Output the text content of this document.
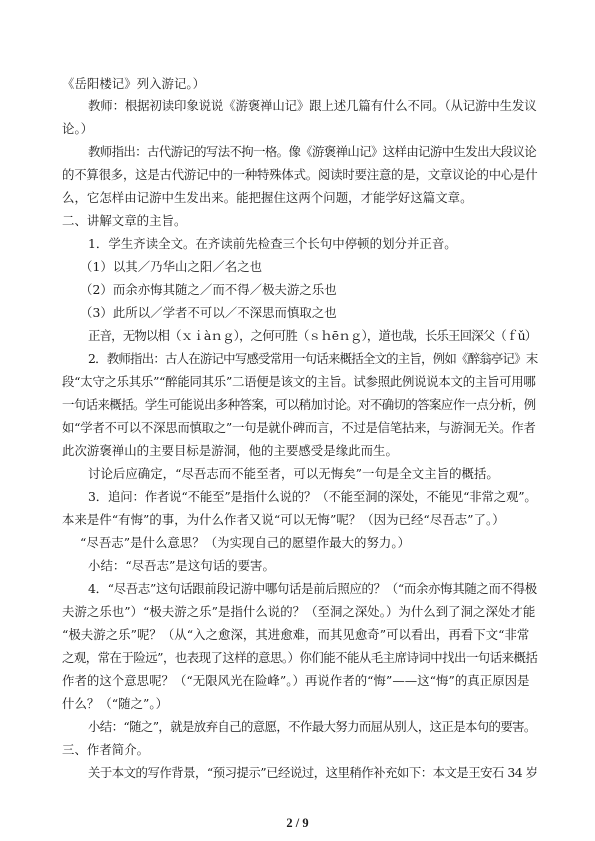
《岳阳楼记》列入游记。）
教师：根据初读印象说说《游褒禅山记》跟上述几篇有什么不同。（从记游中生发议
论。）
教师指出：古代游记的写法不拘一格。像《游褒禅山记》这样由记游中生发出大段议论
的不算很多，这是古代游记中的一种特殊体式。阅读时要注意的是，文章议论的中心是什
么，它怎样由记游中生发出来。能把握住这两个问题，才能学好这篇文章。
二、讲解文章的主旨。
1．学生齐读全文。在齐读前先检查三个长句中停顿的划分并正音。
（1）以其／乃华山之阳／名之也
（2）而余亦悔其随之／而不得／极夫游之乐也
（3）此所以／学者不可以／不深思而慎取之也
正音，无物以相（ｘｉàｎｇ），之何可胜（ｓｈēｎｇ），道也哉，长乐王回深父（ｆǔ）
2．教师指出：古人在游记中写感受常用一句话来概括全文的主旨，例如《醉翁亭记》末
段“太守之乐其乐”“醉能同其乐”二语便是该文的主旨。试参照此例说说本文的主旨可用哪
一句话来概括。学生可能说出多种答案，可以稍加讨论。对不确切的答案应作一点分析，例
如“学者不可以不深思而慎取之”一句是就仆碑而言，不过是信笔拈来，与游洞无关。作者
此次游褒禅山的主要目标是游洞，他的主要感受是缘此而生。
讨论后应确定，“尽吾志而不能至者，可以无悔矣”一句是全文主旨的概括。
3．追问：作者说“不能至”是指什么说的？（不能至洞的深处，不能见“非常之观”。
本来是件“有悔”的事，为什么作者又说“可以无悔”呢？（因为已经“尽吾志”了。）
“尽吾志”是什么意思？（为实现自己的愿望作最大的努力。）
小结：“尽吾志”是这句话的要害。
4．“尽吾志”这句话跟前段记游中哪句话是前后照应的？（“而余亦悔其随之而不得极
夫游之乐也”）“极夫游之乐”是指什么说的？（至洞之深处。）为什么到了洞之深处才能
“极夫游之乐”呢？（从“入之愈深，其进愈难，而其见愈奇”可以看出，再看下文“非常
之观，常在于险远”，也表现了这样的意思。）你们能不能从毛主席诗词中找出一句话来概括
作者的这个意思呢？（“无限风光在险峰”。）再说作者的“悔”——这“悔”的真正原因是
什么？（“随之”。）
小结：“随之”，就是放弃自己的意愿，不作最大努力而屈从别人，这正是本句的要害。
三、作者简介。
关于本文的写作背景，“预习提示”已经说过，这里稍作补充如下：本文是王安石 34 岁
2 / 9
